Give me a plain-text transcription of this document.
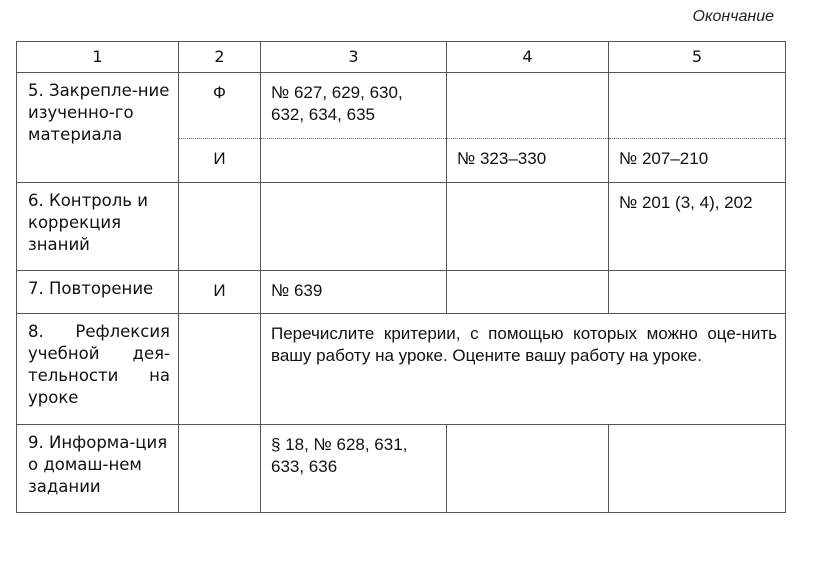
Окончание
1	2	3	4	5
5. Закрепле-ние изученно-го материала	Ф	№ 627, 629, 630, 632, 634, 635		
	И		№ 323–330	№ 207–210
6. Контроль и коррекция знаний				№ 201 (3, 4), 202
7. Повторение	И	№ 639		
8. Рефлексия учебной дея-тельности на уроке		Перечислите критерии, с помощью которых можно оце-нить вашу работу на уроке. Оцените вашу работу на уроке.		
9. Информа-ция о домаш-нем задании		§ 18, № 628, 631, 633, 636		
